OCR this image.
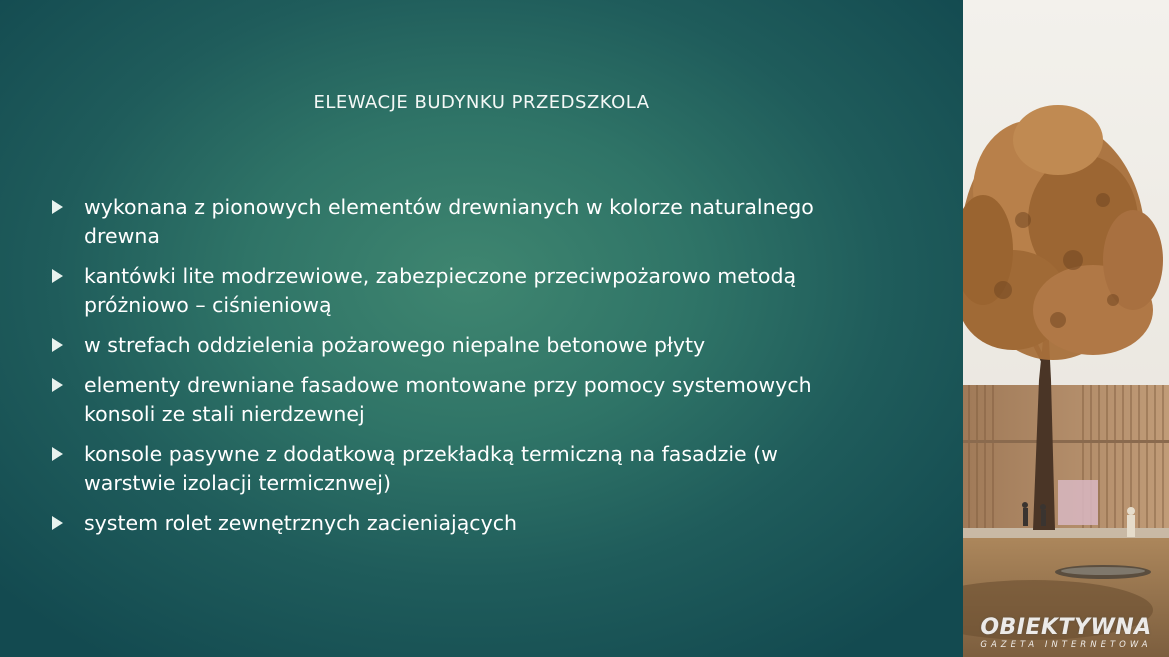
ELEWACJE BUDYNKU PRZEDSZKOLA
wykonana z pionowych elementów drewnianych w kolorze naturalnego drewna
kantówki lite modrzewiowe, zabezpieczone przeciwpożarowo metodą próżniowo – ciśnieniową
w strefach oddzielenia pożarowego niepalne betonowe płyty
elementy drewniane fasadowe montowane przy pomocy systemowych konsoli ze stali nierdzewnej
konsole pasywne z dodatkową przekładką termiczną na fasadzie (w warstwie izolacji termicznwej)
system rolet zewnętrznych zacieniających
OBIEKTYWNA
GAZETA INTERNETOWA
